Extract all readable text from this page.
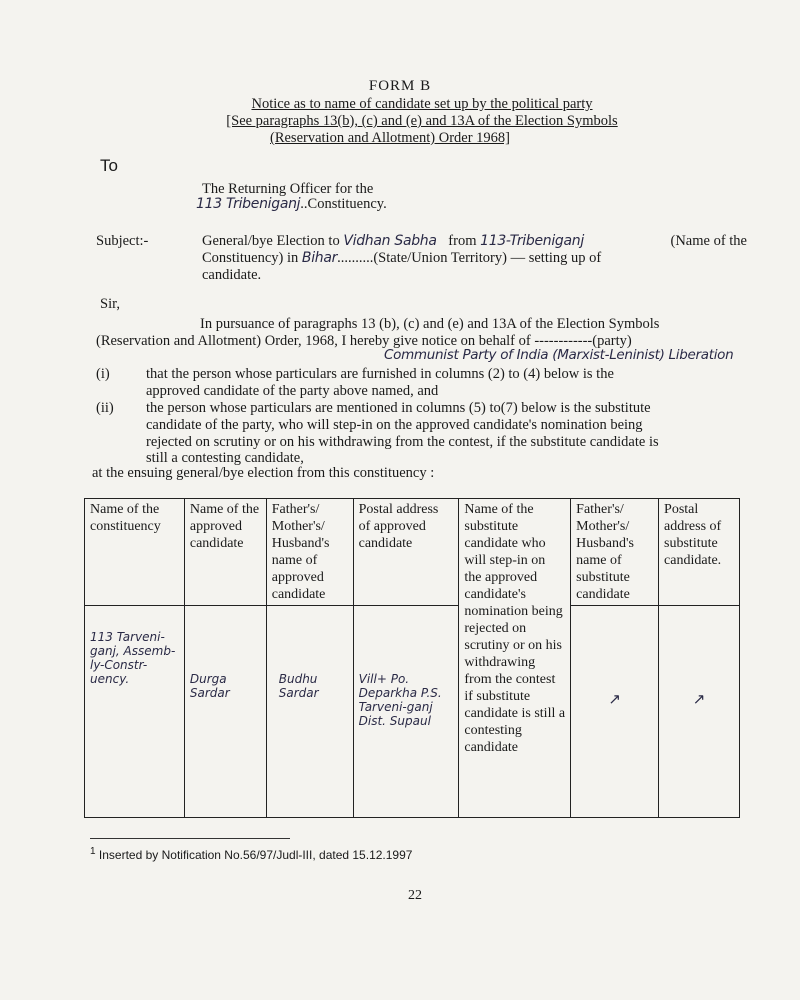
FORM B
Notice as to name of candidate set up by the political party
[See paragraphs 13(b), (c) and (e) and 13A of the Election Symbols
(Reservation and Allotment) Order 1968]
To
The Returning Officer for the
113 Tribeniganj..Constituency.
Subject:-	General/bye Election to Vidhan Sabha from 113-Tribeniganj	(Name of the
Constituency) in Bihar..........(State/Union Territory) — setting up of
candidate.
Sir,
In pursuance of paragraphs 13 (b), (c) and (e) and 13A of the Election Symbols
(Reservation and Allotment) Order, 1968, I hereby give notice on behalf of ------------(party)
Communist Party of India (Marxist-Leninist) Liberation
(i)	that the person whose particulars are furnished in columns (2) to (4) below is the
approved candidate of the party above named, and
(ii) the person whose particulars are mentioned in columns (5) to(7) below is the substitute
candidate of the party, who will step-in on the approved candidate's nomination being
rejected on scrutiny or on his withdrawing from the contest, if the substitute candidate is
still a contesting candidate,
at the ensuing general/bye election from this constituency :
Name of the constituency	Name of the approved candidate	Father's/ Mother's/ Husband's name of approved candidate	Postal address of approved candidate	Name of the substitute candidate who will step-in on the approved candidate's nomination being rejected on scrutiny or on his withdrawing from the contest if substitute candidate is still a contesting candidate	Father's/ Mother's/ Husband's name of substitute candidate	Postal address of substitute candidate.

113 Tarveni-ganj, Assemb-ly-Constr-uency.	Durga Sardar	Budhu Sardar	Vill+ Po. Deparkha P.S. Tarveni-ganj Dist. Supaul		↗	↗
$^1$ Inserted by Notification No.56/97/Judl-III, dated 15.12.1997
22
